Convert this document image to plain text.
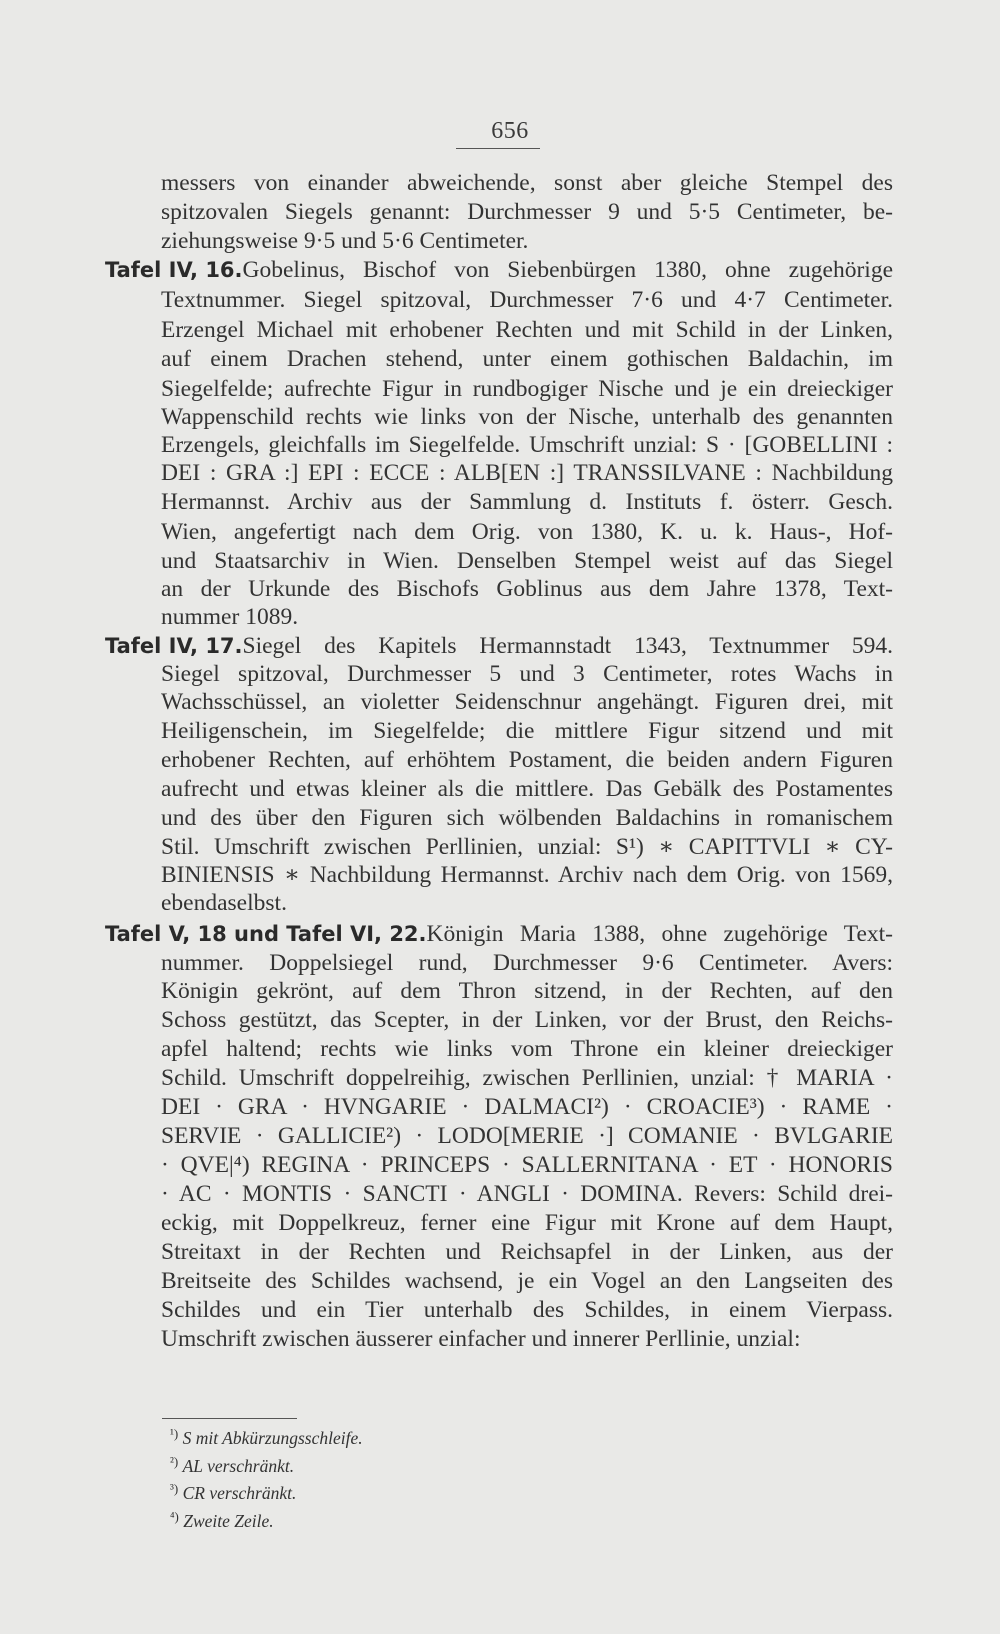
656
messers von einander abweichende, sonst aber gleiche Stempel des
spitzovalen Siegels genannt: Durchmesser 9 und 5·5 Centimeter, be-
ziehungsweise 9·5 und 5·6 Centimeter.
Tafel IV, 16. Gobelinus, Bischof von Siebenbürgen 1380, ohne zugehörige
Textnummer. Siegel spitzoval, Durchmesser 7·6 und 4·7 Centimeter.
Erzengel Michael mit erhobener Rechten und mit Schild in der Linken,
auf einem Drachen stehend, unter einem gothischen Baldachin, im
Siegelfelde; aufrechte Figur in rundbogiger Nische und je ein dreieckiger
Wappenschild rechts wie links von der Nische, unterhalb des genannten
Erzengels, gleichfalls im Siegelfelde. Umschrift unzial: S · [GOBELLINI :
DEI : GRA :] EPI : ECCE : ALB[EN :] TRANSSILVANE : Nachbildung
Hermannst. Archiv aus der Sammlung d. Instituts f. österr. Gesch.
Wien, angefertigt nach dem Orig. von 1380, K. u. k. Haus-, Hof-
und Staatsarchiv in Wien. Denselben Stempel weist auf das Siegel
an der Urkunde des Bischofs Goblinus aus dem Jahre 1378, Text-
nummer 1089.
Tafel IV, 17. Siegel des Kapitels Hermannstadt 1343, Textnummer 594.
Siegel spitzoval, Durchmesser 5 und 3 Centimeter, rotes Wachs in
Wachsschüssel, an violetter Seidenschnur angehängt. Figuren drei, mit
Heiligenschein, im Siegelfelde; die mittlere Figur sitzend und mit
erhobener Rechten, auf erhöhtem Postament, die beiden andern Figuren
aufrecht und etwas kleiner als die mittlere. Das Gebälk des Postamentes
und des über den Figuren sich wölbenden Baldachins in romanischem
Stil. Umschrift zwischen Perllinien, unzial: S¹) ∗ CAPITTVLI ∗ CY-
BINIENSIS ∗ Nachbildung Hermannst. Archiv nach dem Orig. von 1569,
ebendaselbst.
Tafel V, 18 und Tafel VI, 22. Königin Maria 1388, ohne zugehörige Text-
nummer. Doppelsiegel rund, Durchmesser 9·6 Centimeter. Avers:
Königin gekrönt, auf dem Thron sitzend, in der Rechten, auf den
Schoss gestützt, das Scepter, in der Linken, vor der Brust, den Reichs-
apfel haltend; rechts wie links vom Throne ein kleiner dreieckiger
Schild. Umschrift doppelreihig, zwischen Perllinien, unzial: † MARIA ·
DEI · GRA · HVNGARIE · DALMACI²) · CROACIE³) · RAME ·
SERVIE · GALLICIE²) · LODO[MERIE ·] COMANIE · BVLGARIE
· QVE|⁴) REGINA · PRINCEPS · SALLERNITANA · ET · HONORIS
· AC · MONTIS · SANCTI · ANGLI · DOMINA. Revers: Schild drei-
eckig, mit Doppelkreuz, ferner eine Figur mit Krone auf dem Haupt,
Streitaxt in der Rechten und Reichsapfel in der Linken, aus der
Breitseite des Schildes wachsend, je ein Vogel an den Langseiten des
Schildes und ein Tier unterhalb des Schildes, in einem Vierpass.
Umschrift zwischen äusserer einfacher und innerer Perllinie, unzial:
$^{^1)}$ S mit Abkürzungsschleife.
$^{^2)}$ AL verschränkt.
$^{^3)}$ CR verschränkt.
$^{^4)}$ Zweite Zeile.
